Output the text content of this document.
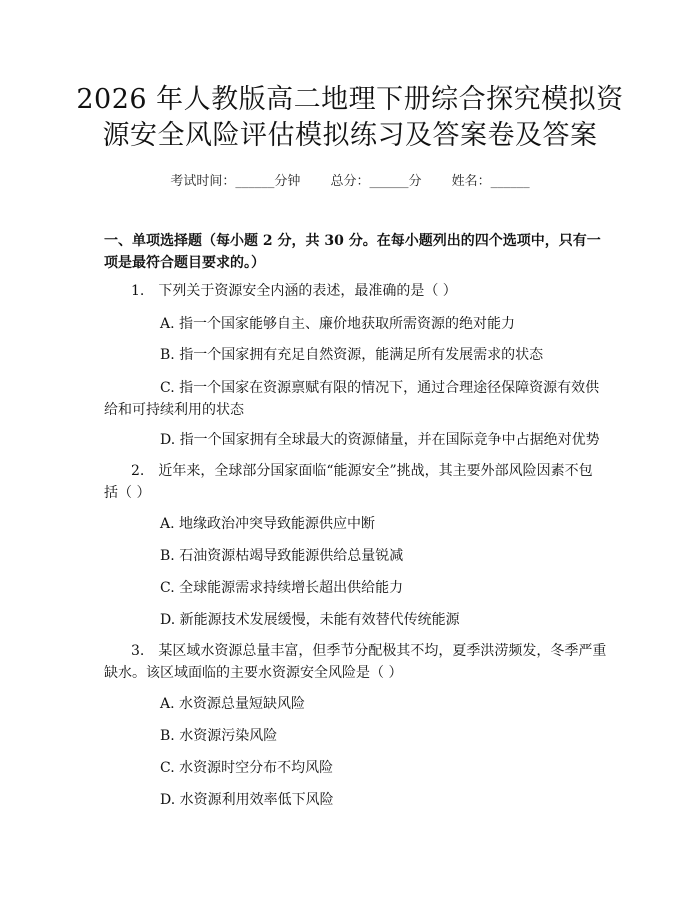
2026 年人教版高二地理下册综合探究模拟资
源安全风险评估模拟练习及答案卷及答案
考试时间：______分钟 总分：______分 姓名：______
一、单项选择题（每小题 2 分，共 30 分。在每小题列出的四个选项中，只有一项是最符合题目要求的。）
1.　下列关于资源安全内涵的表述，最准确的是（ ）
A. 指一个国家能够自主、廉价地获取所需资源的绝对能力
B. 指一个国家拥有充足自然资源，能满足所有发展需求的状态
C. 指一个国家在资源禀赋有限的情况下，通过合理途径保障资源有效供
给和可持续利用的状态
D. 指一个国家拥有全球最大的资源储量，并在国际竞争中占据绝对优势
2.　近年来，全球部分国家面临“能源安全”挑战，其主要外部风险因素不包
括（ ）
A. 地缘政治冲突导致能源供应中断
B. 石油资源枯竭导致能源供给总量锐减
C. 全球能源需求持续增长超出供给能力
D. 新能源技术发展缓慢，未能有效替代传统能源
3.　某区域水资源总量丰富，但季节分配极其不均，夏季洪涝频发，冬季严重
缺水。该区域面临的主要水资源安全风险是（ ）
A. 水资源总量短缺风险
B. 水资源污染风险
C. 水资源时空分布不均风险
D. 水资源利用效率低下风险
